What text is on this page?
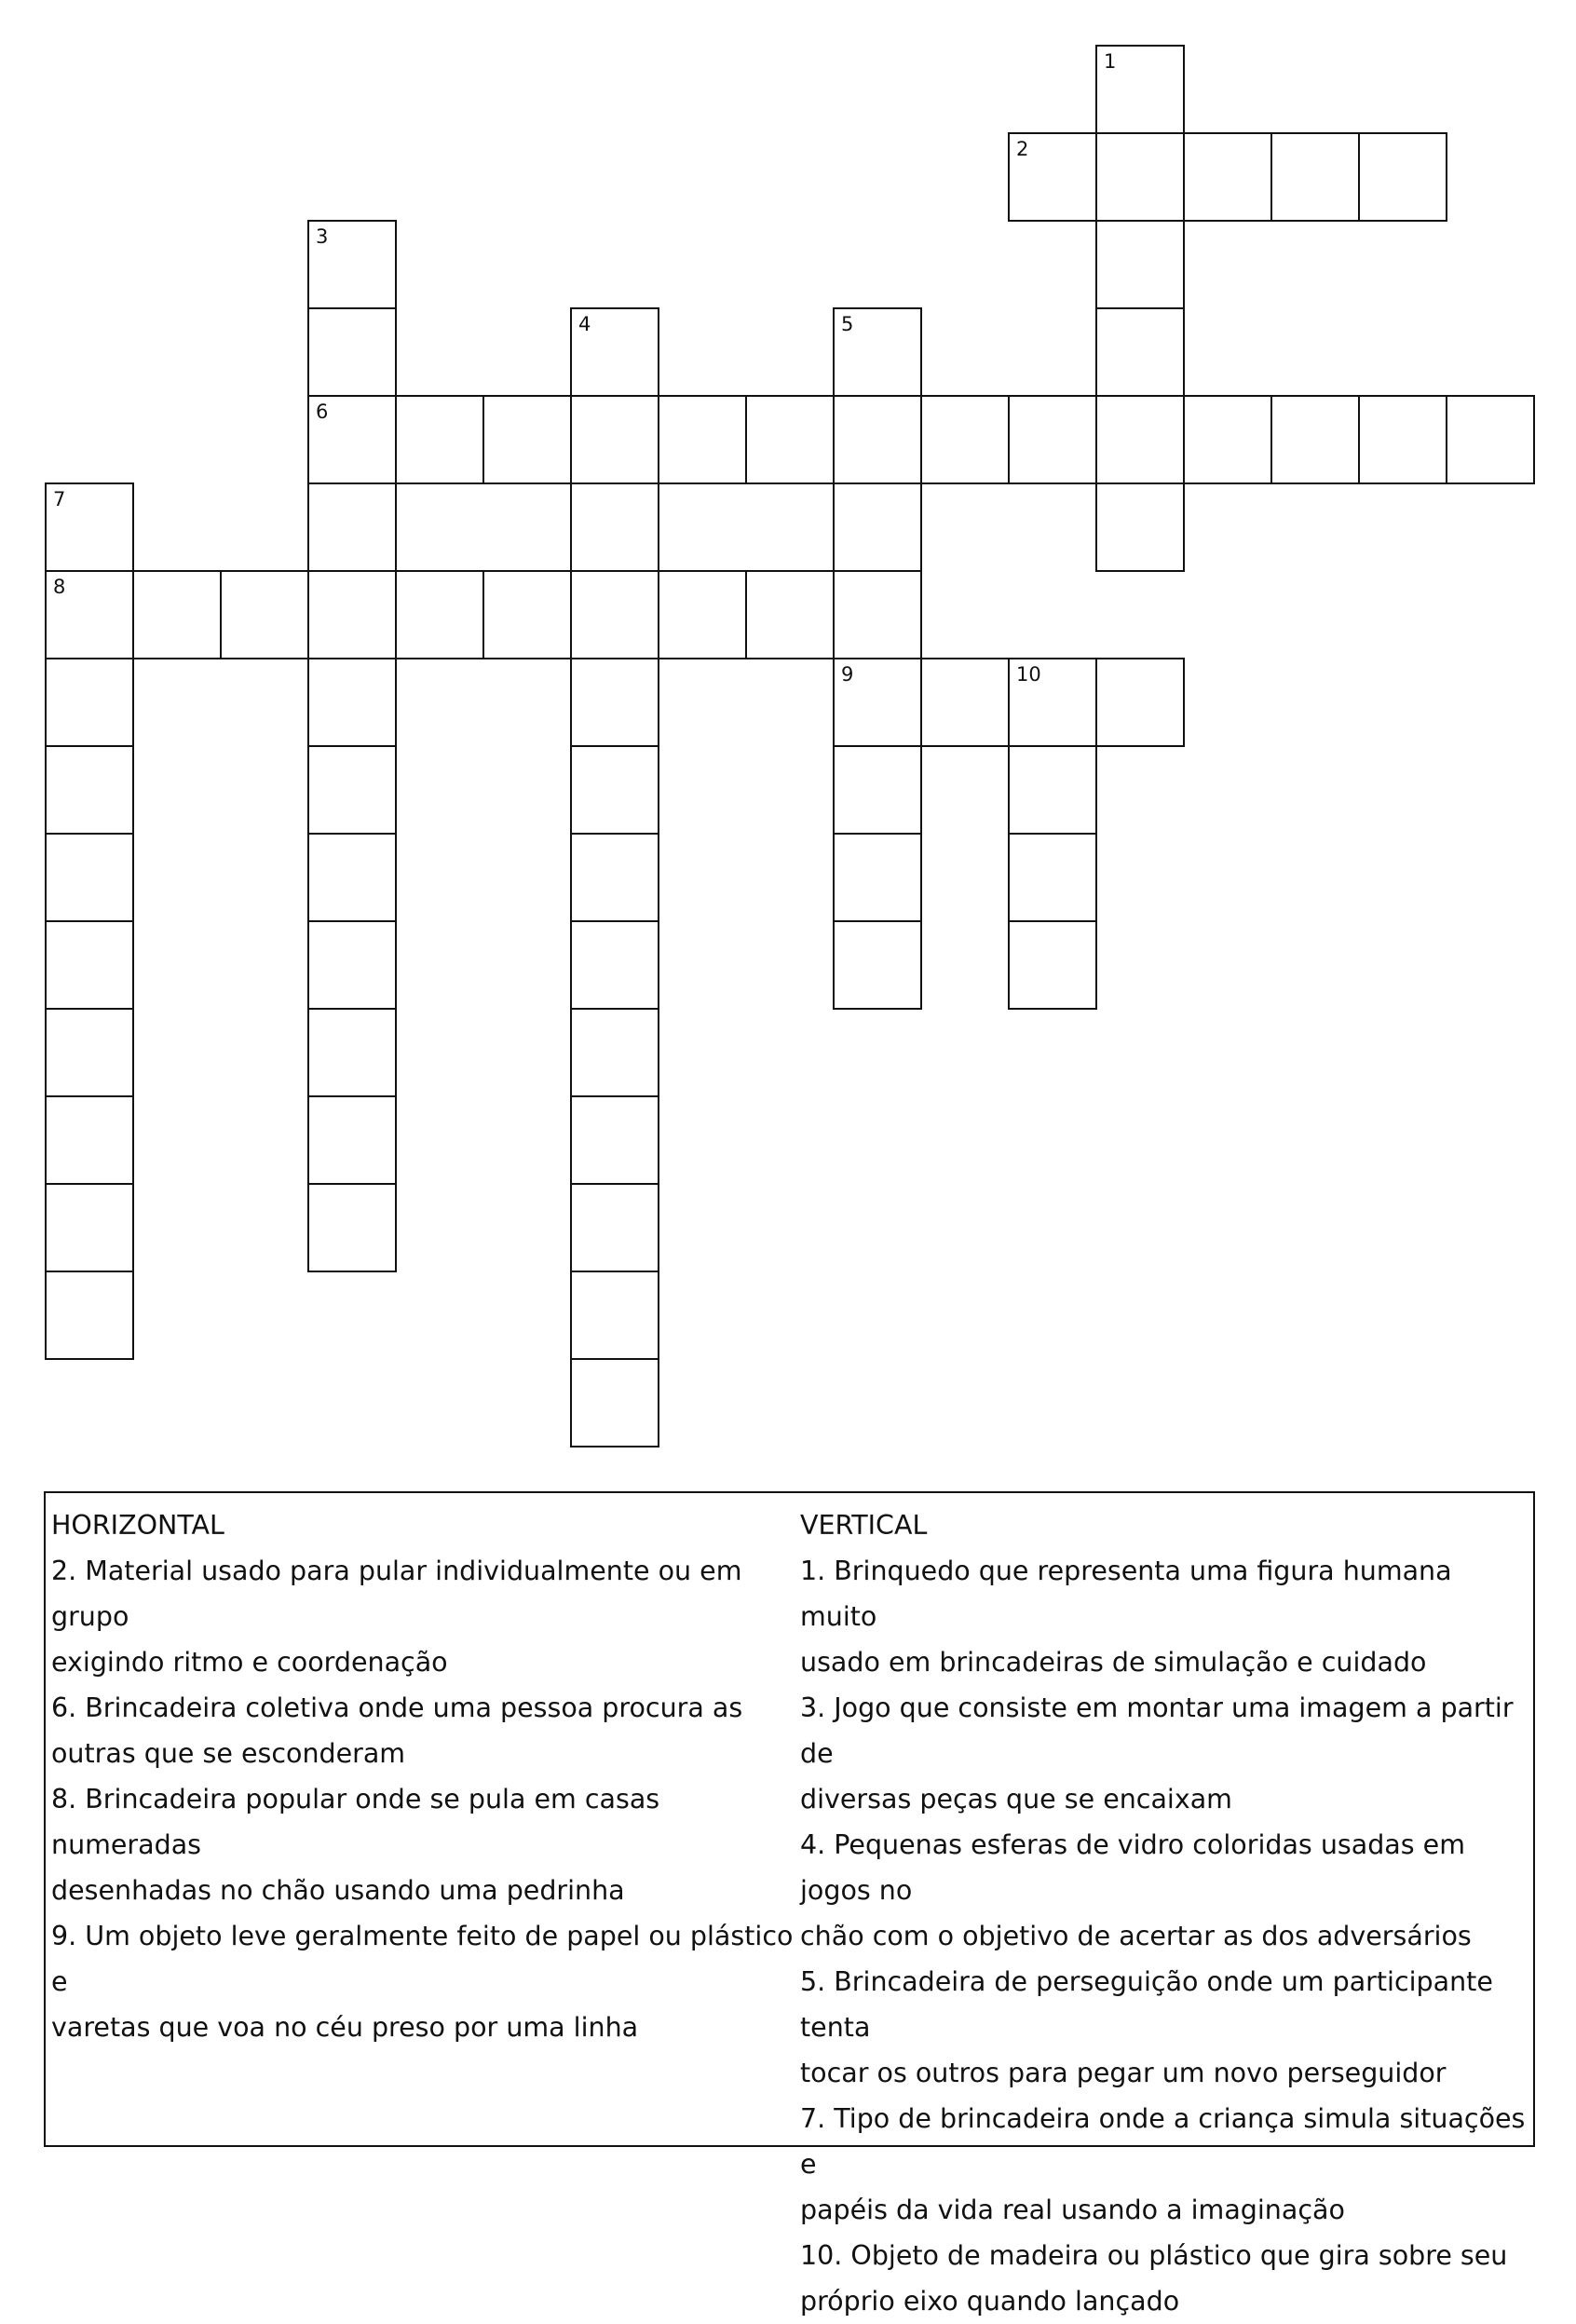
1
2
3
4	5
6
7
8
9	10
HORIZONTAL
2. Material usado para pular individualmente ou em grupo
exigindo ritmo e coordenação
6. Brincadeira coletiva onde uma pessoa procura as
outras que se esconderam
8. Brincadeira popular onde se pula em casas numeradas
desenhadas no chão usando uma pedrinha
9. Um objeto leve geralmente feito de papel ou plástico e
varetas que voa no céu preso por uma linha
VERTICAL
1. Brinquedo que representa uma figura humana muito
usado em brincadeiras de simulação e cuidado
3. Jogo que consiste em montar uma imagem a partir de
diversas peças que se encaixam
4. Pequenas esferas de vidro coloridas usadas em jogos no
chão com o objetivo de acertar as dos adversários
5. Brincadeira de perseguição onde um participante tenta
tocar os outros para pegar um novo perseguidor
7. Tipo de brincadeira onde a criança simula situações e
papéis da vida real usando a imaginação
10. Objeto de madeira ou plástico que gira sobre seu
próprio eixo quando lançado
